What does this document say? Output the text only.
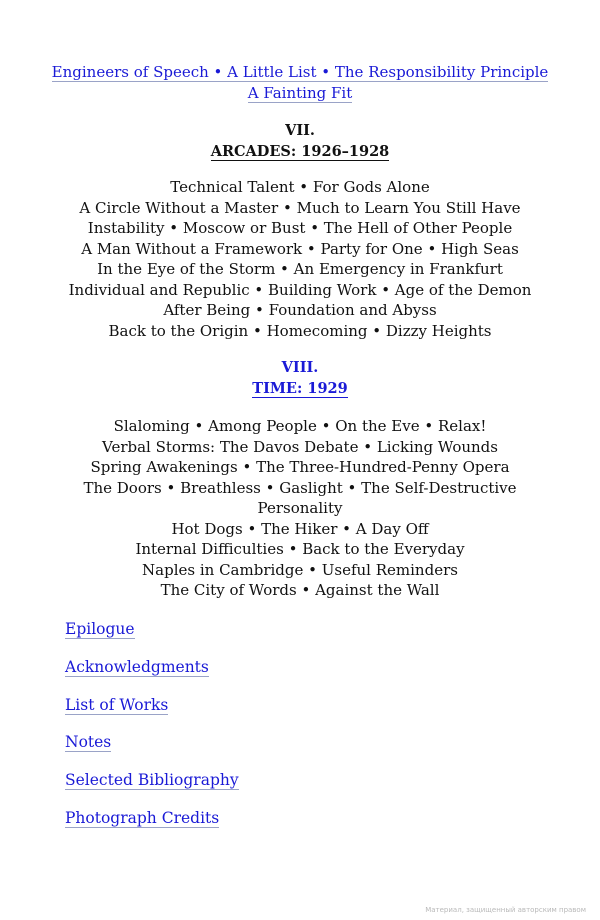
Engineers of Speech • A Little List • The Responsibility Principle
A Fainting Fit
VII.
ARCADES: 1926–1928
Technical Talent • For Gods Alone
A Circle Without a Master • Much to Learn You Still Have
Instability • Moscow or Bust • The Hell of Other People
A Man Without a Framework • Party for One • High Seas
In the Eye of the Storm • An Emergency in Frankfurt
Individual and Republic • Building Work • Age of the Demon
After Being • Foundation and Abyss
Back to the Origin • Homecoming • Dizzy Heights
VIII.
TIME: 1929
Slaloming • Among People • On the Eve • Relax!
Verbal Storms: The Davos Debate • Licking Wounds
Spring Awakenings • The Three-Hundred-Penny Opera
The Doors • Breathless • Gaslight • The Self-Destructive
Personality
Hot Dogs • The Hiker • A Day Off
Internal Difficulties • Back to the Everyday
Naples in Cambridge • Useful Reminders
The City of Words • Against the Wall
Epilogue
Acknowledgments
List of Works
Notes
Selected Bibliography
Photograph Credits
Материал, защищенный авторским правом
